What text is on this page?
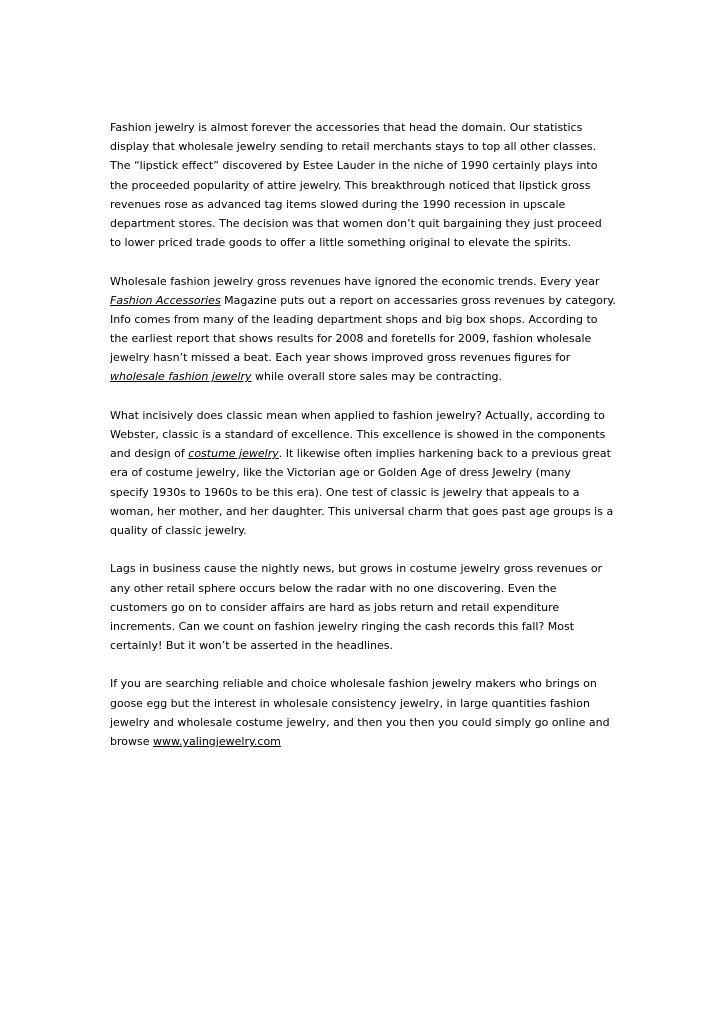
Fashion jewelry is almost forever the accessories that head the domain. Our statistics
display that wholesale jewelry sending to retail merchants stays to top all other classes.
The “lipstick effect” discovered by Estee Lauder in the niche of 1990 certainly plays into
the proceeded popularity of attire jewelry. This breakthrough noticed that lipstick gross
revenues rose as advanced tag items slowed during the 1990 recession in upscale
department stores. The decision was that women don’t quit bargaining they just proceed
to lower priced trade goods to offer a little something original to elevate the spirits.

Wholesale fashion jewelry gross revenues have ignored the economic trends. Every year
Fashion Accessories Magazine puts out a report on accessaries gross revenues by category.
Info comes from many of the leading department shops and big box shops. According to
the earliest report that shows results for 2008 and foretells for 2009, fashion wholesale
jewelry hasn’t missed a beat. Each year shows improved gross revenues figures for
wholesale fashion jewelry while overall store sales may be contracting.

What incisively does classic mean when applied to fashion jewelry? Actually, according to
Webster, classic is a standard of excellence. This excellence is showed in the components
and design of costume jewelry. It likewise often implies harkening back to a previous great
era of costume jewelry, like the Victorian age or Golden Age of dress Jewelry (many
specify 1930s to 1960s to be this era). One test of classic is jewelry that appeals to a
woman, her mother, and her daughter. This universal charm that goes past age groups is a
quality of classic jewelry.

Lags in business cause the nightly news, but grows in costume jewelry gross revenues or
any other retail sphere occurs below the radar with no one discovering. Even the
customers go on to consider affairs are hard as jobs return and retail expenditure
increments. Can we count on fashion jewelry ringing the cash records this fall? Most
certainly! But it won’t be asserted in the headlines.

If you are searching reliable and choice wholesale fashion jewelry makers who brings on
goose egg but the interest in wholesale consistency jewelry, in large quantities fashion
jewelry and wholesale costume jewelry, and then you then you could simply go online and
browse www.yalingjewelry.com
